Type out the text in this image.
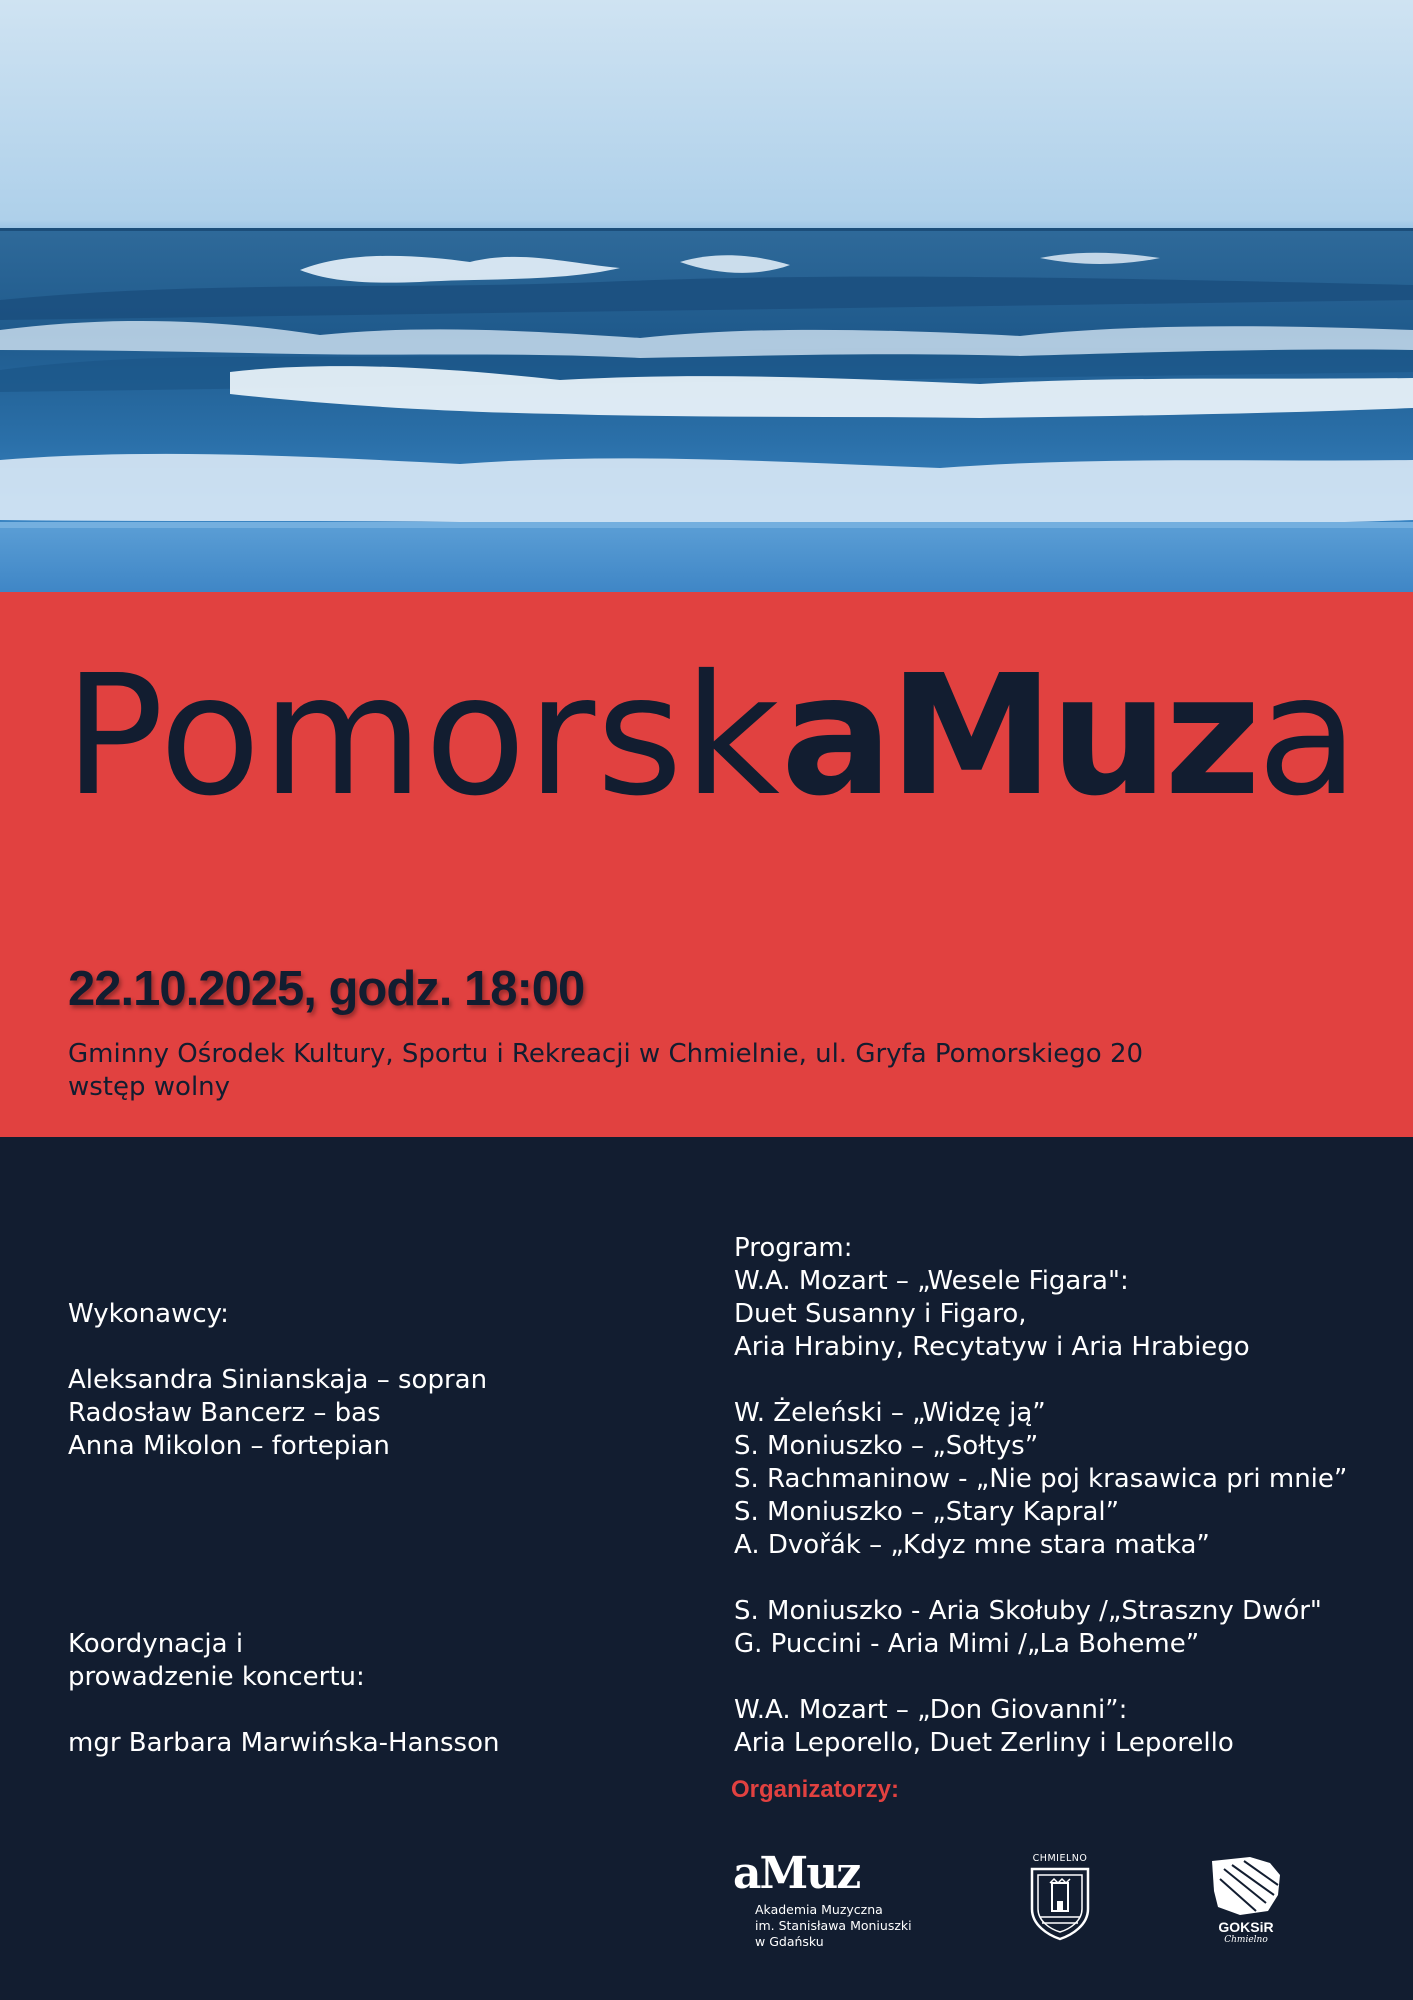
PomorskaMuza
22.10.2025, godz. 18:00
Gminny Ośrodek Kultury, Sportu i Rekreacji w Chmielnie, ul. Gryfa Pomorskiego 20
wstęp wolny
Wykonawcy:
Aleksandra Sinianskaja – sopran
Radosław Bancerz – bas
Anna Mikolon – fortepian
Koordynacja i
prowadzenie koncertu:
mgr Barbara Marwińska-Hansson
Program:
W.A. Mozart – „Wesele Figara":
Duet Susanny i Figaro,
Aria Hrabiny, Recytatyw i Aria Hrabiego
W. Żeleński – „Widzę ją”
S. Moniuszko – „Sołtys”
S. Rachmaninow - „Nie poj krasawica pri mnie”
S. Moniuszko – „Stary Kapral”
A. Dvořák – „Kdyz mne stara matka”
S. Moniuszko - Aria Skołuby /„Straszny Dwór"
G. Puccini - Aria Mimi /„La Boheme”
W.A. Mozart – „Don Giovanni”:
Aria Leporello, Duet Zerliny i Leporello
Organizatorzy:
aMuz
Akademia Muzyczna
im. Stanisława Moniuszki
w Gdańsku
CHMIELNO
GOKSiR
Chmielno
